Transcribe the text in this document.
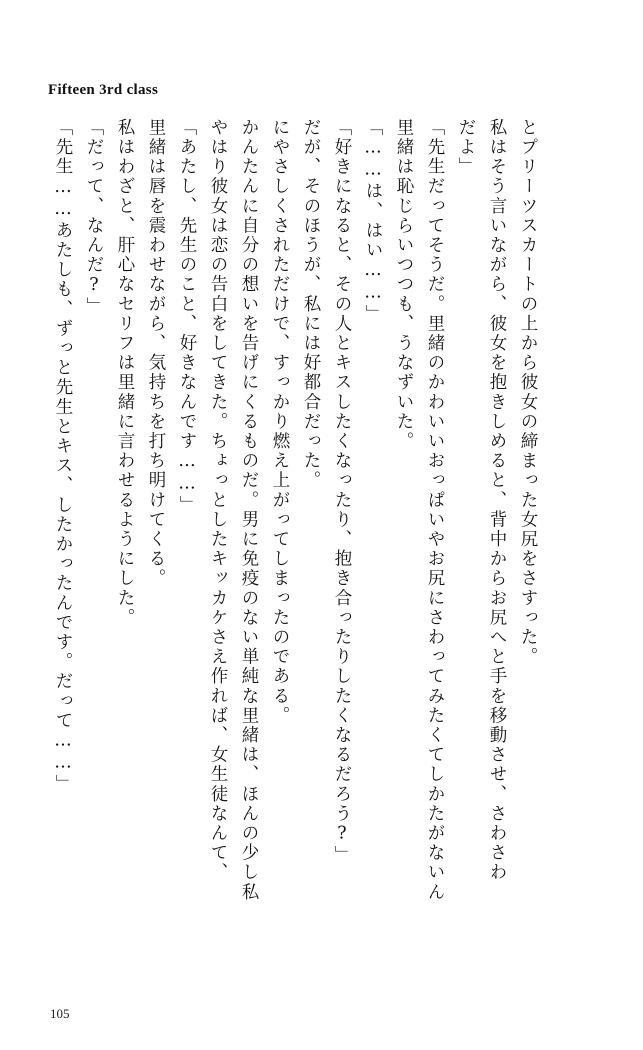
Fifteen 3rd class
「先生……あたしも、ずっと先生とキス、したかったんです。だって……」 「だって、なんだ?」 私はわざと、肝心なセリフは里緒に言わせるようにした。 里緒は唇を震わせながら、気持ちを打ち明けてくる。 「あたし、先生のこと、好きなんです……」 やはり彼女は恋の告白をしてきた。ちょっとしたキッカケさえ作れば、女生徒なんて、 かんたんに自分の想いを告げにくるものだ。男に免疫のない単純な里緒は、ほんの少し私 にやさしくされただけで、すっかり燃え上がってしまったのである。 だが、そのほうが、私には好都合だった。 「好きになると、その人とキスしたくなったり、抱き合ったりしたくなるだろう?」 「……は、はい……」 里緒は恥じらいつつも、うなずいた。 「先生だってそうだ。里緒のかわいいおっぱいやお尻にさわってみたくてしかたがないん だよ」 私はそう言いながら、彼女を抱きしめると、背中からお尻へと手を移動させ、さわさわ とプリーツスカートの上から彼女の締まった女尻をさすった。
105
